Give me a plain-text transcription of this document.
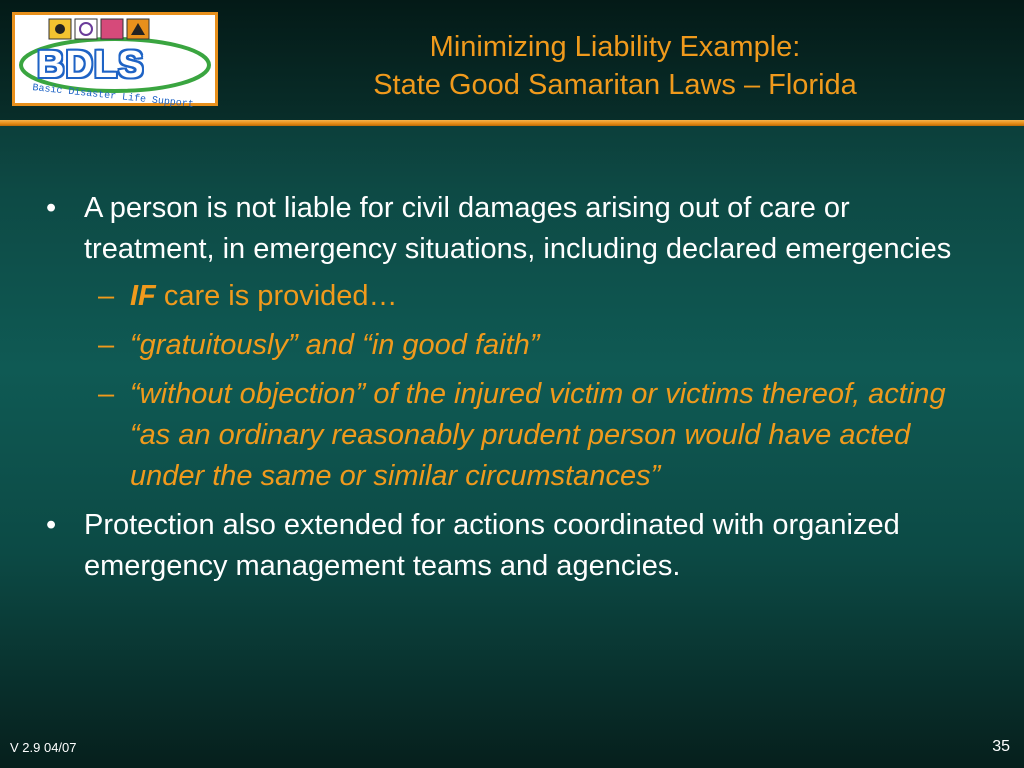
BDLS
Basic Disaster Life Support
Minimizing Liability Example:
State Good Samaritan Laws – Florida
• A person is not liable for civil damages arising out of care or treatment, in emergency situations, including declared emergencies
– IF care is provided…
– “gratuitously” and “in good faith”
– “without objection” of the injured victim or victims thereof, acting “as an ordinary reasonably prudent person would have acted under the same or similar circumstances”
• Protection also extended for actions coordinated with organized emergency management teams and agencies.
V 2.9 04/07	35
